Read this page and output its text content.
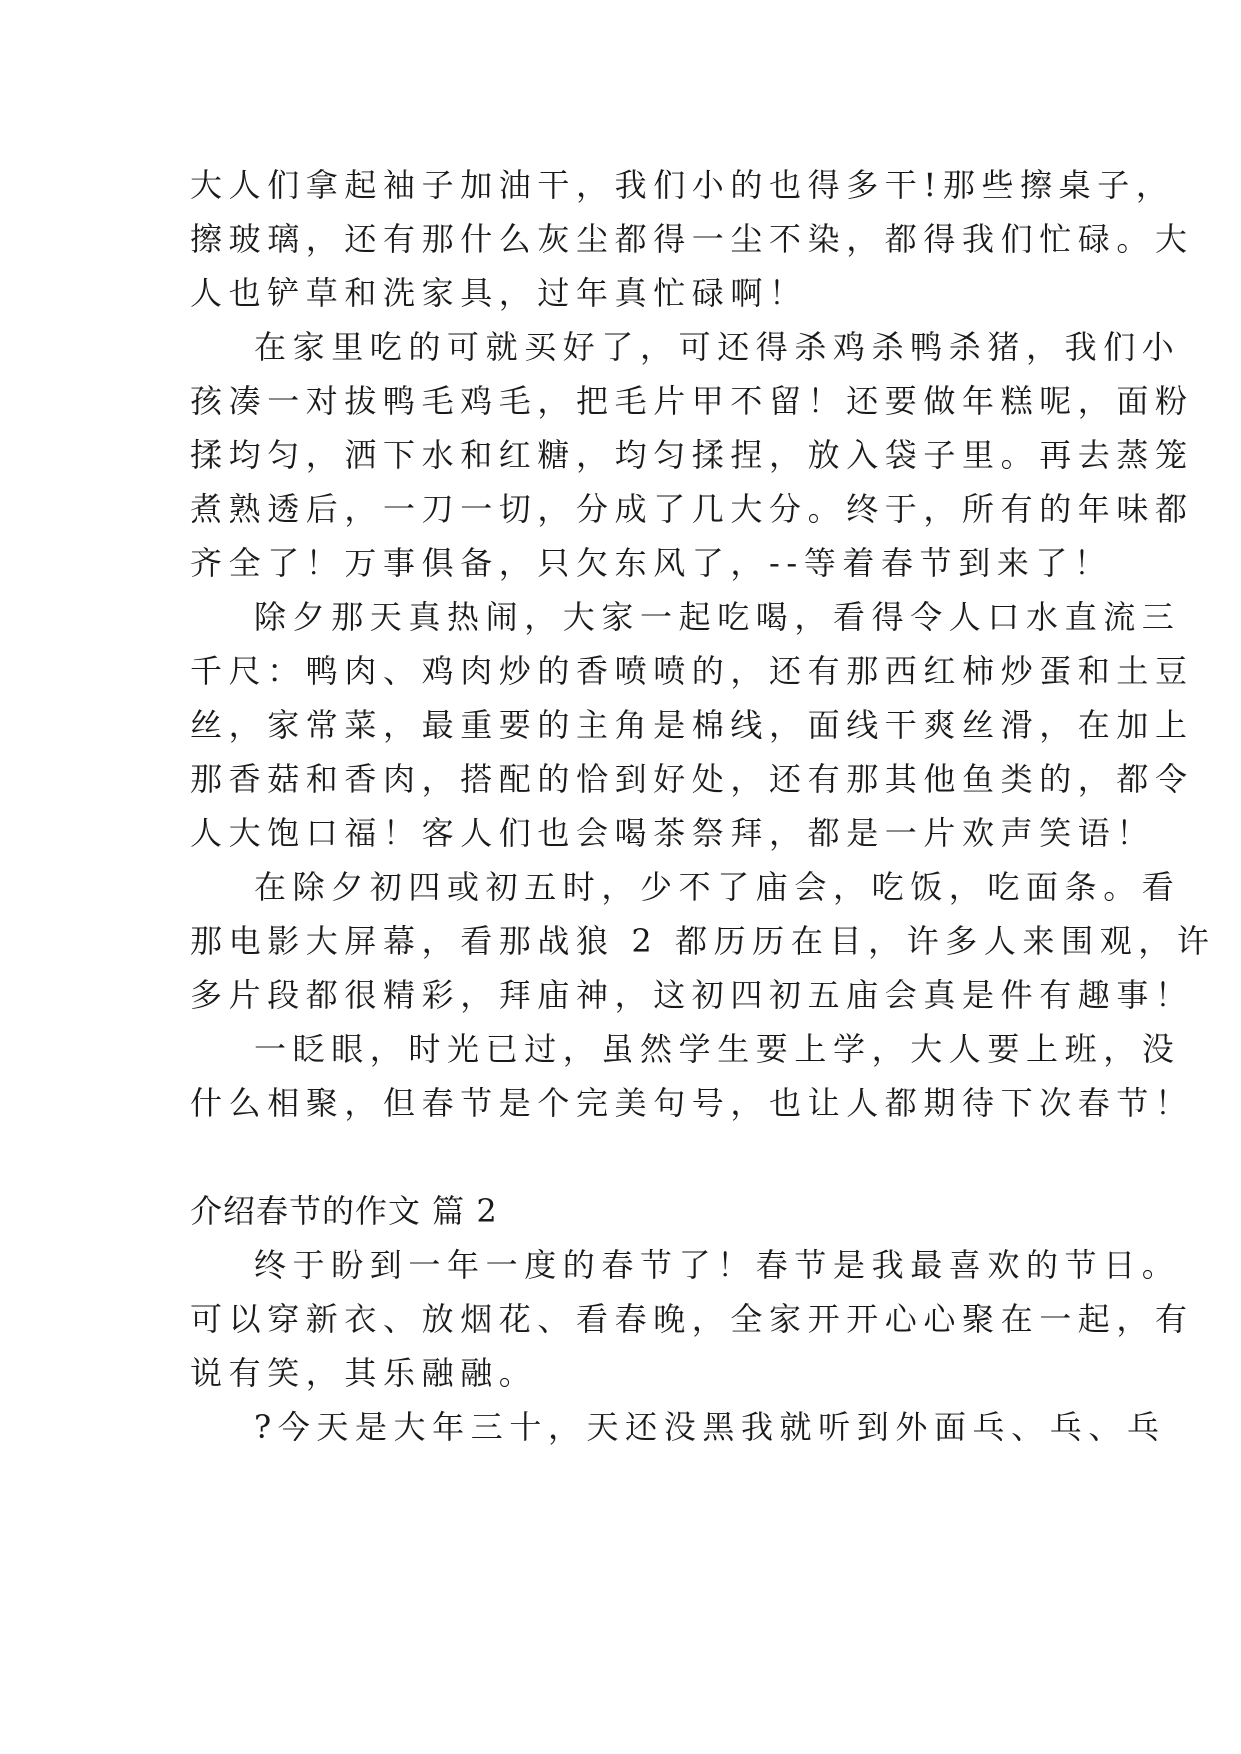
大人们拿起袖子加油干，我们小的也得多干!那些擦桌子，
擦玻璃，还有那什么灰尘都得一尘不染，都得我们忙碌。大
人也铲草和洗家具，过年真忙碌啊！
在家里吃的可就买好了，可还得杀鸡杀鸭杀猪，我们小
孩凑一对拔鸭毛鸡毛，把毛片甲不留！还要做年糕呢，面粉
揉均匀，洒下水和红糖，均匀揉捏，放入袋子里。再去蒸笼
煮熟透后，一刀一切，分成了几大分。终于，所有的年味都
齐全了！万事俱备，只欠东风了，--等着春节到来了！
除夕那天真热闹，大家一起吃喝，看得令人口水直流三
千尺：鸭肉、鸡肉炒的香喷喷的，还有那西红柿炒蛋和土豆
丝，家常菜，最重要的主角是棉线，面线干爽丝滑，在加上
那香菇和香肉，搭配的恰到好处，还有那其他鱼类的，都令
人大饱口福！客人们也会喝茶祭拜，都是一片欢声笑语！
在除夕初四或初五时，少不了庙会，吃饭，吃面条。看
那电影大屏幕，看那战狼 2 都历历在目，许多人来围观，许
多片段都很精彩，拜庙神，这初四初五庙会真是件有趣事！
一眨眼，时光已过，虽然学生要上学，大人要上班，没
什么相聚，但春节是个完美句号，也让人都期待下次春节！
介绍春节的作文 篇 2
终于盼到一年一度的春节了！春节是我最喜欢的节日。
可以穿新衣、放烟花、看春晚，全家开开心心聚在一起，有
说有笑，其乐融融。
?今天是大年三十，天还没黑我就听到外面乓、乓、乓
